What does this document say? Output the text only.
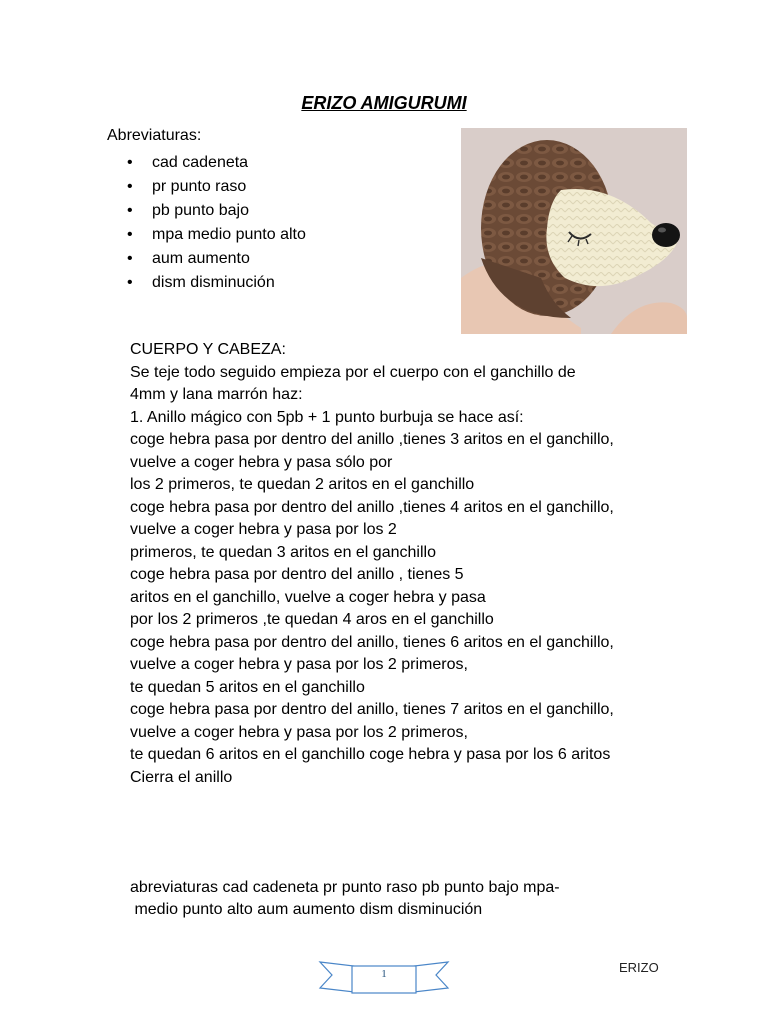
ERIZO AMIGURUMI

Abreviaturas:

•	cad cadeneta
•	pr punto raso
•	pb punto bajo
•	mpa medio punto alto
•	aum aumento
•	dism disminución
CUERPO Y CABEZA:
Se teje todo seguido empieza por el cuerpo con el ganchillo de
4mm y lana marrón haz:
1. Anillo mágico con 5pb + 1 punto burbuja se hace así:
coge hebra pasa por dentro del anillo ,tienes 3 aritos en el ganchillo,
vuelve a coger hebra y pasa sólo por
los 2 primeros, te quedan 2 aritos en el ganchillo
coge hebra pasa por dentro del anillo ,tienes 4 aritos en el ganchillo,
vuelve a coger hebra y pasa por los 2
primeros, te quedan 3 aritos en el ganchillo
coge hebra pasa por dentro del anillo , tienes 5
aritos en el ganchillo, vuelve a coger hebra y pasa
por los 2 primeros ,te quedan 4 aros en el ganchillo
coge hebra pasa por dentro del anillo, tienes 6 aritos en el ganchillo,
vuelve a coger hebra y pasa por los 2 primeros,
te quedan 5 aritos en el ganchillo
coge hebra pasa por dentro del anillo, tienes 7 aritos en el ganchillo,
vuelve a coger hebra y pasa por los 2 primeros,
te quedan 6 aritos en el ganchillo coge hebra y pasa por los 6 aritos
Cierra el anillo
abreviaturas cad cadeneta pr punto raso pb punto bajo mpa-
medio punto alto aum aumento dism disminución
1	ERIZO
